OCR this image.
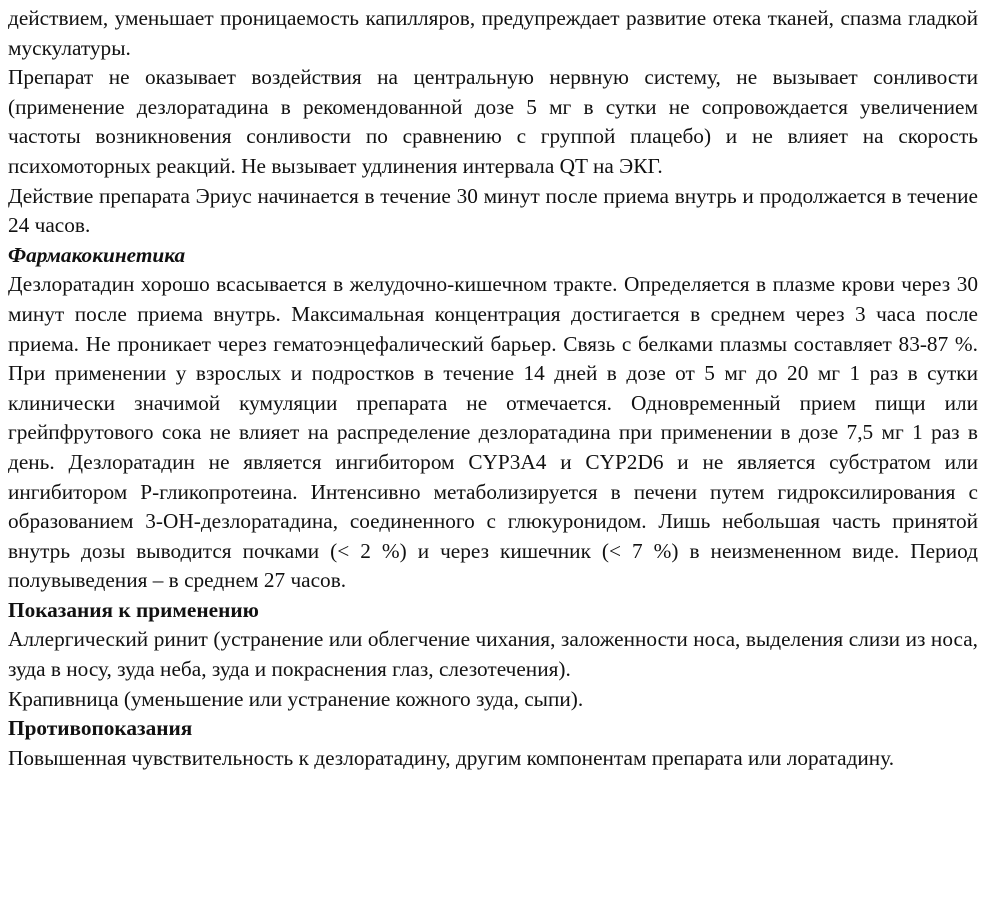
действием, уменьшает проницаемость капилляров, предупреждает развитие отека тканей, спазма гладкой мускулатуры.

Препарат не оказывает воздействия на центральную нервную систему, не вызывает сонливости (применение дезлоратадина в рекомендованной дозе 5 мг в сутки не сопровождается увеличением частоты возникновения сонливости по сравнению с группой плацебо) и не влияет на скорость психомоторных реакций. Не вызывает удлинения интервала QT на ЭКГ.

Действие препарата Эриус начинается в течение 30 минут после приема внутрь и продолжается в течение 24 часов.

Фармакокинетика

Дезлоратадин хорошо всасывается в желудочно-кишечном тракте. Определяется в плазме крови через 30 минут после приема внутрь. Максимальная концентрация достигается в среднем через 3 часа после приема. Не проникает через гематоэнцефалический барьер. Связь с белками плазмы составляет 83-87 %. При применении у взрослых и подростков в течение 14 дней в дозе от 5 мг до 20 мг 1 раз в сутки клинически значимой кумуляции препарата не отмечается. Одновременный прием пищи или грейпфрутового сока не влияет на распределение дезлоратадина при применении в дозе 7,5 мг 1 раз в день. Дезлоратадин не является ингибитором CYP3A4 и CYP2D6 и не является субстратом или ингибитором P-гликопротеина. Интенсивно метаболизируется в печени путем гидроксилирования с образованием 3-OH-дезлоратадина, соединенного с глюкуронидом. Лишь небольшая часть принятой внутрь дозы выводится почками (< 2 %) и через кишечник (< 7 %) в неизмененном виде. Период полувыведения – в среднем 27 часов.

Показания к применению

Аллергический ринит (устранение или облегчение чихания, заложенности носа, выделения слизи из носа, зуда в носу, зуда неба, зуда и покраснения глаз, слезотечения).

Крапивница (уменьшение или устранение кожного зуда, сыпи).

Противопоказания

Повышенная чувствительность к дезлоратадину, другим компонентам препарата или лоратадину.
